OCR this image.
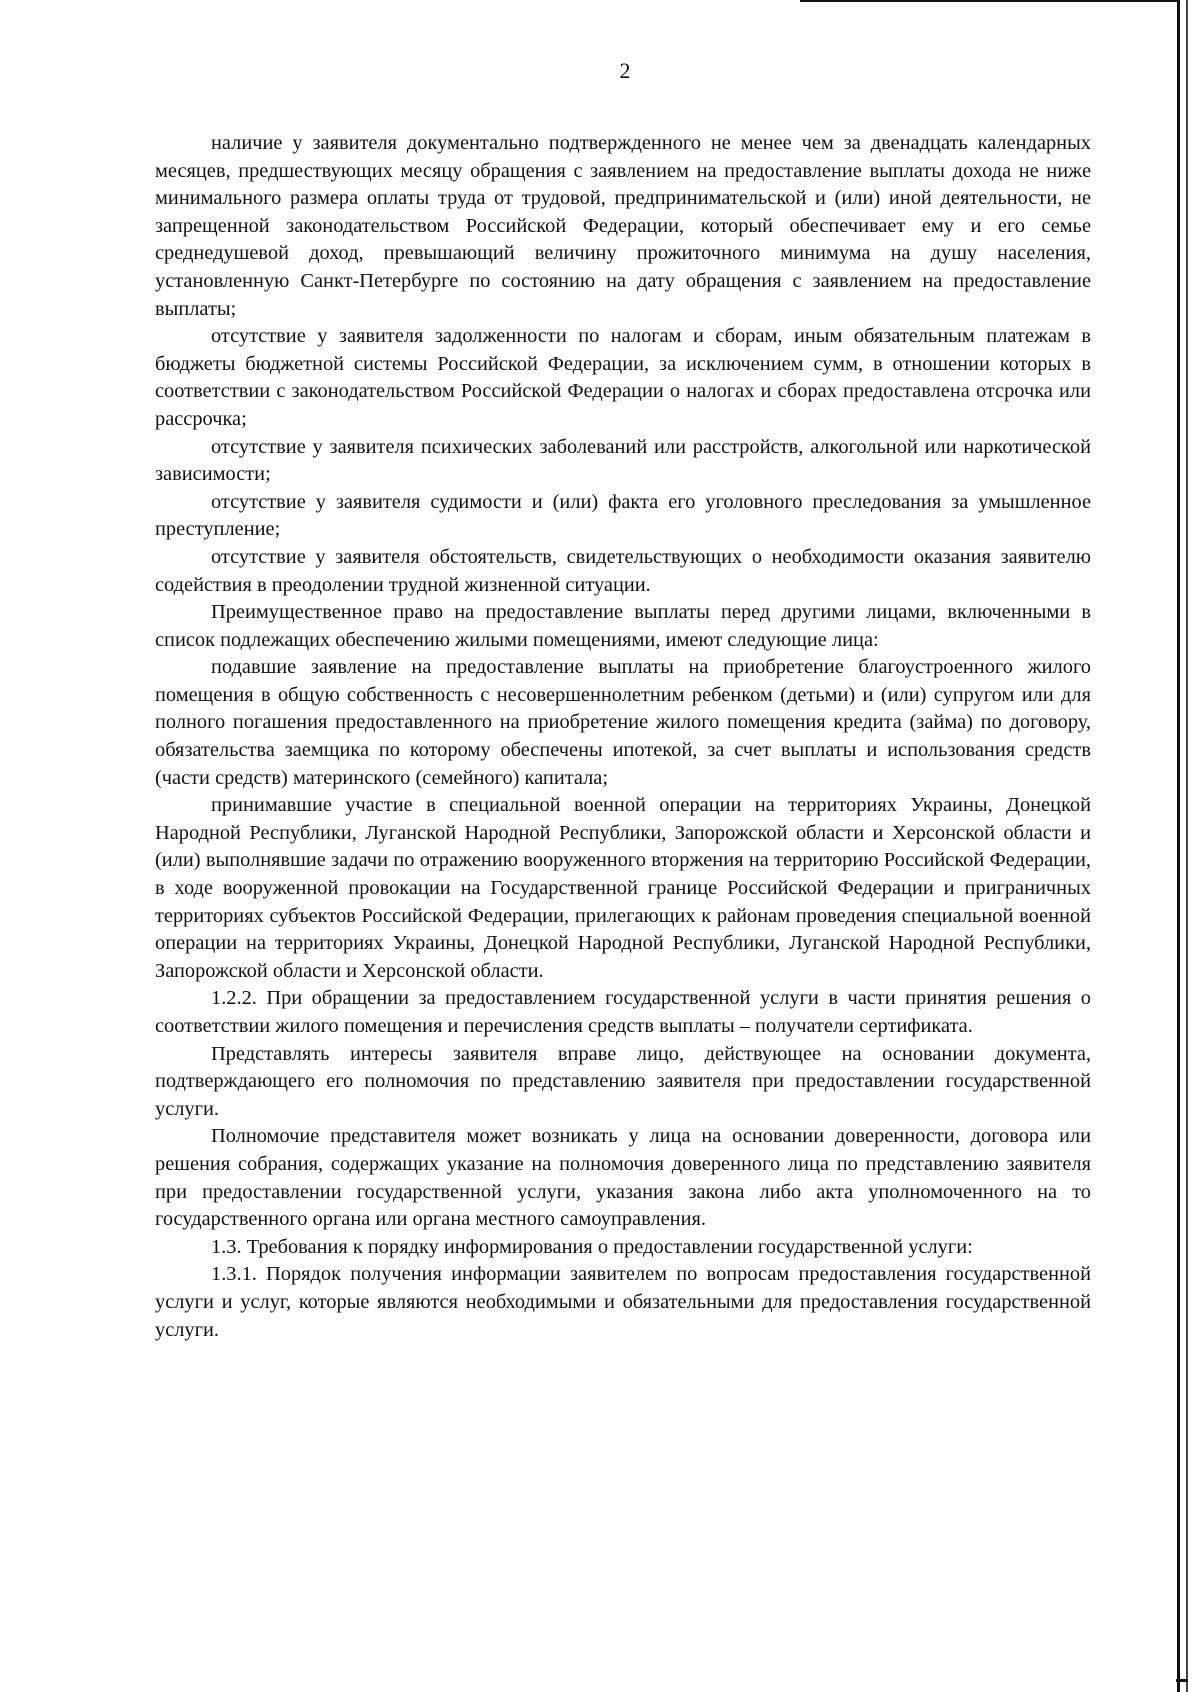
2

наличие у заявителя документально подтвержденного не менее чем за двенадцать календарных месяцев, предшествующих месяцу обращения с заявлением на предоставление выплаты дохода не ниже минимального размера оплаты труда от трудовой, предпринимательской и (или) иной деятельности, не запрещенной законодательством Российской Федерации, который обеспечивает ему и его семье среднедушевой доход, превышающий величину прожиточного минимума на душу населения, установленную Санкт-Петербурге по состоянию на дату обращения с заявлением на предоставление выплаты;

отсутствие у заявителя задолженности по налогам и сборам, иным обязательным платежам в бюджеты бюджетной системы Российской Федерации, за исключением сумм, в отношении которых в соответствии с законодательством Российской Федерации о налогах и сборах предоставлена отсрочка или рассрочка;

отсутствие у заявителя психических заболеваний или расстройств, алкогольной или наркотической зависимости;

отсутствие у заявителя судимости и (или) факта его уголовного преследования за умышленное преступление;

отсутствие у заявителя обстоятельств, свидетельствующих о необходимости оказания заявителю содействия в преодолении трудной жизненной ситуации.

Преимущественное право на предоставление выплаты перед другими лицами, включенными в список подлежащих обеспечению жилыми помещениями, имеют следующие лица:

подавшие заявление на предоставление выплаты на приобретение благоустроенного жилого помещения в общую собственность с несовершеннолетним ребенком (детьми) и (или) супругом или для полного погашения предоставленного на приобретение жилого помещения кредита (займа) по договору, обязательства заемщика по которому обеспечены ипотекой, за счет выплаты и использования средств (части средств) материнского (семейного) капитала;

принимавшие участие в специальной военной операции на территориях Украины, Донецкой Народной Республики, Луганской Народной Республики, Запорожской области и Херсонской области и (или) выполнявшие задачи по отражению вооруженного вторжения на территорию Российской Федерации, в ходе вооруженной провокации на Государственной границе Российской Федерации и приграничных территориях субъектов Российской Федерации, прилегающих к районам проведения специальной военной операции на территориях Украины, Донецкой Народной Республики, Луганской Народной Республики, Запорожской области и Херсонской области.

1.2.2. При обращении за предоставлением государственной услуги в части принятия решения о соответствии жилого помещения и перечисления средств выплаты – получатели сертификата.

Представлять интересы заявителя вправе лицо, действующее на основании документа, подтверждающего его полномочия по представлению заявителя при предоставлении государственной услуги.

Полномочие представителя может возникать у лица на основании доверенности, договора или решения собрания, содержащих указание на полномочия доверенного лица по представлению заявителя при предоставлении государственной услуги, указания закона либо акта уполномоченного на то государственного органа или органа местного самоуправления.

1.3. Требования к порядку информирования о предоставлении государственной услуги:

1.3.1. Порядок получения информации заявителем по вопросам предоставления государственной услуги и услуг, которые являются необходимыми и обязательными для предоставления государственной услуги.
